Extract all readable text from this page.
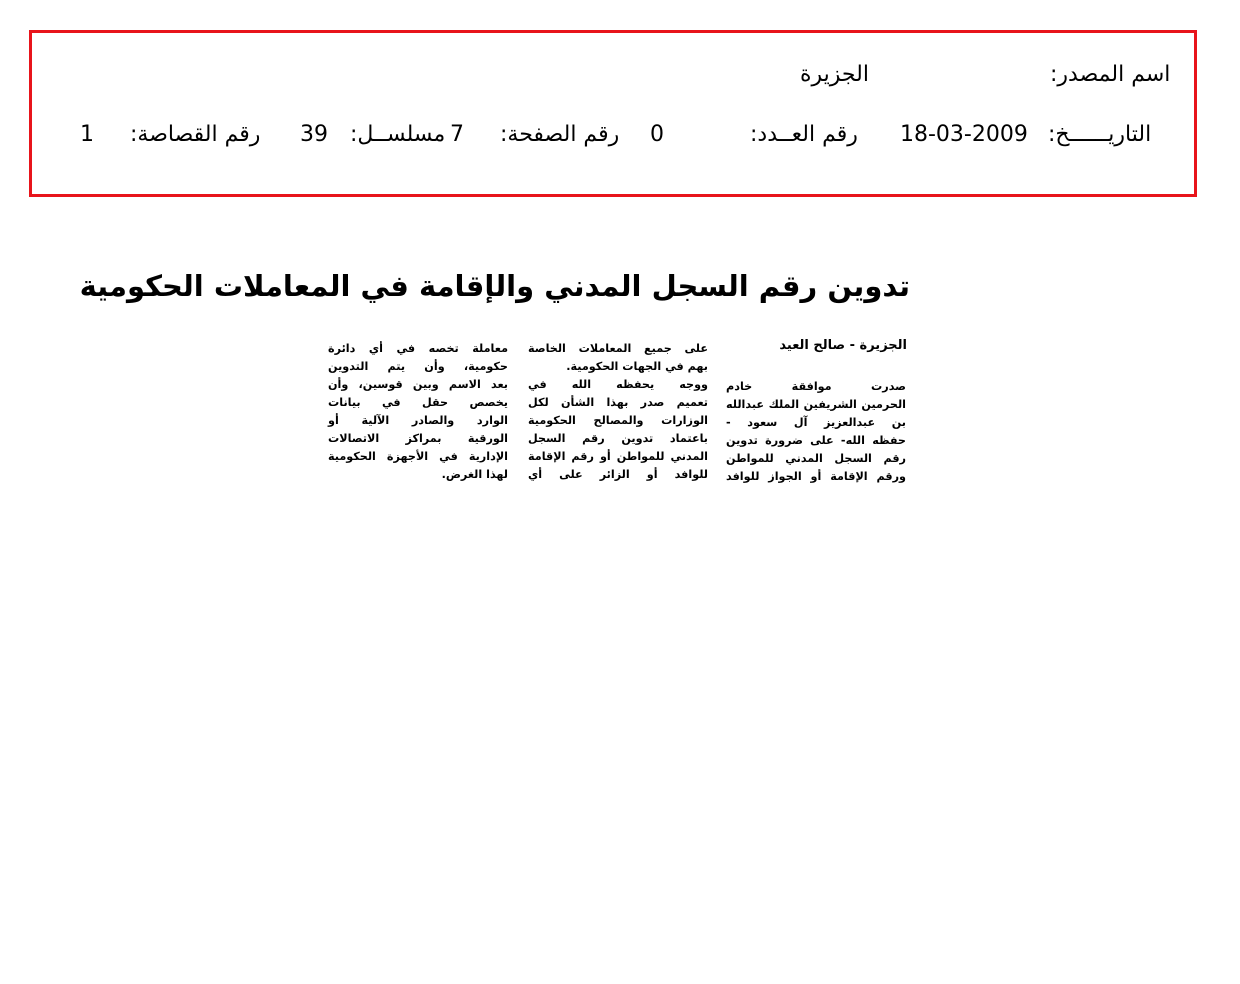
اسم المصدر:
الجزيرة
التاريــــــخ:
18-03-2009
رقم العــدد:
0
رقم الصفحة:
7
مسلســل:
39
رقم القصاصة:
1
تدوين رقم السجل المدني والإقامة في المعاملات الحكومية
الجزيرة - صالح العيد
صدرت موافقة خادم
الحرمين الشريفين الملك عبدالله
بن عبدالعزيز آل سعود -
حفظه الله- على ضرورة تدوين
رقم السجل المدني للمواطن
ورقم الإقامة أو الجواز للوافد
على جميع المعاملات الخاصة
بهم في الجهات الحكومية.
ووجه يحفظه الله في
تعميم صدر بهذا الشأن لكل
الوزارات والمصالح الحكومية
باعتماد تدوين رقم السجل
المدني للمواطن أو رقم الإقامة
للوافد أو الزائر على أي
معاملة تخصه في أي دائرة
حكومية، وأن يتم التدوين
بعد الاسم وبين قوسين، وأن
يخصص حقل في بيانات
الوارد والصادر الآلية أو
الورقية بمراكز الاتصالات
الإدارية في الأجهزة الحكومية
لهذا الغرض.
